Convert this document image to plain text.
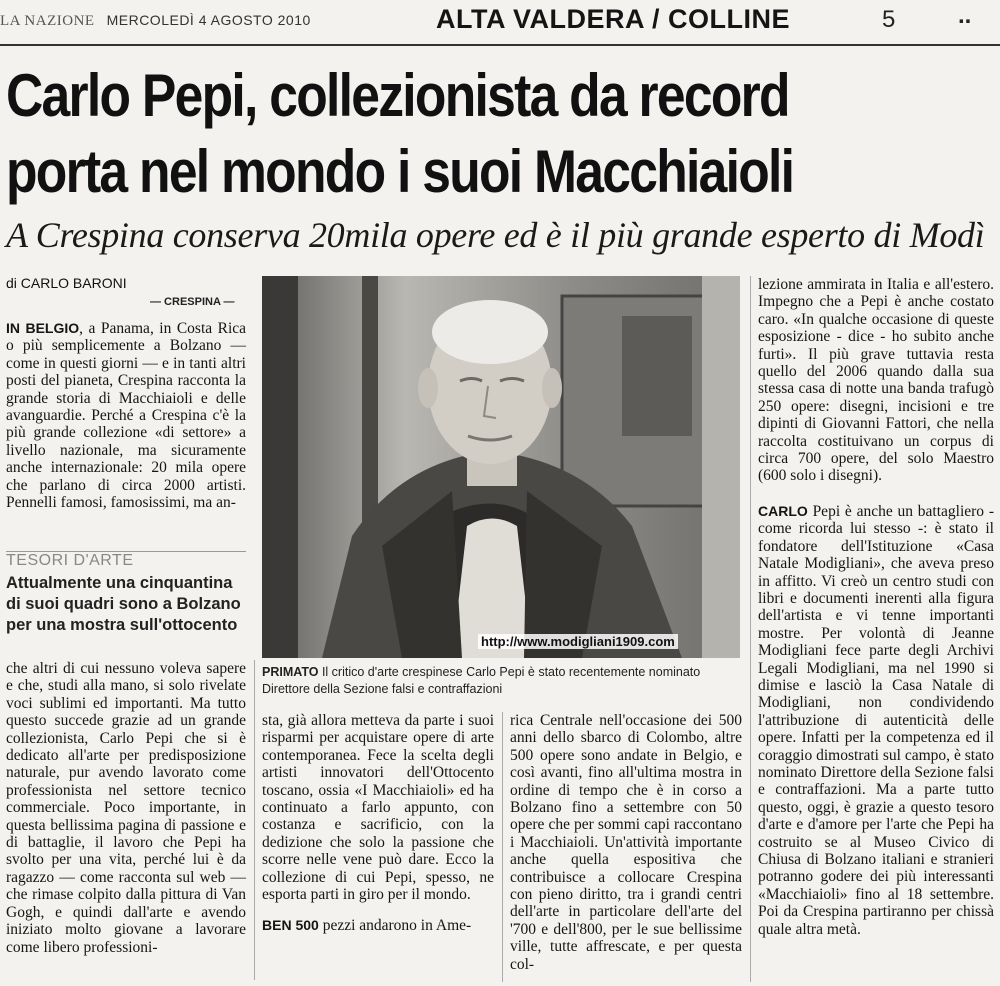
LA NAZIONE MERCOLEDÌ 4 AGOSTO 2010	ALTA VALDERA / COLLINE	5	..
Carlo Pepi, collezionista da record
porta nel mondo i suoi Macchiaioli
A Crespina conserva 20mila opere ed è il più grande esperto di Modì
di CARLO BARONI
— CRESPINA —

IN BELGIO, a Panama, in Costa Rica o più semplicemente a Bolzano — come in questi giorni — e in tanti altri posti del pianeta, Crespina racconta la grande storia di Macchiaioli e delle avanguardie. Perché a Crespina c'è la più grande collezione «di settore» a livello nazionale, ma sicuramente anche internazionale: 20 mila opere che parlano di circa 2000 artisti. Pennelli famosi, famosissimi, ma an-

TESORI D'ARTE
Attualmente una cinquantina di suoi quadri sono a Bolzano per una mostra sull'ottocento

che altri di cui nessuno voleva sapere e che, studi alla mano, si solo rivelate voci sublimi ed importanti. Ma tutto questo succede grazie ad un grande collezionista, Carlo Pepi che si è dedicato all'arte per predisposizione naturale, pur avendo lavorato come professionista nel settore tecnico commerciale. Poco importante, in questa bellissima pagina di passione e di battaglie, il lavoro che Pepi ha svolto per una vita, perché lui è da ragazzo — come racconta sul web — che rimase colpito dalla pittura di Van Gogh, e quindi dall'arte e avendo iniziato molto giovane a lavorare come libero professioni-

http://www.modigliani1909.com
PRIMATO Il critico d'arte crespinese Carlo Pepi è stato recentemente nominato Direttore della Sezione falsi e contraffazioni

sta, già allora metteva da parte i suoi risparmi per acquistare opere di arte contemporanea. Fece la scelta degli artisti innovatori dell'Ottocento toscano, ossia «I Macchiaioli» ed ha continuato a farlo appunto, con costanza e sacrificio, con la dedizione che solo la passione che scorre nelle vene può dare. Ecco la collezione di cui Pepi, spesso, ne esporta parti in giro per il mondo.

BEN 500 pezzi andarono in Ame-

rica Centrale nell'occasione dei 500 anni dello sbarco di Colombo, altre 500 opere sono andate in Belgio, e così avanti, fino all'ultima mostra in ordine di tempo che è in corso a Bolzano fino a settembre con 50 opere che per sommi capi raccontano i Macchiaioli. Un'attività importante anche quella espositiva che contribuisce a collocare Crespina con pieno diritto, tra i grandi centri dell'arte in particolare dell'arte del '700 e dell'800, per le sue bellissime ville, tutte affrescate, e per questa col-

lezione ammirata in Italia e all'estero. Impegno che a Pepi è anche costato caro. «In qualche occasione di queste esposizione - dice - ho subito anche furti». Il più grave tuttavia resta quello del 2006 quando dalla sua stessa casa di notte una banda trafugò 250 opere: disegni, incisioni e tre dipinti di Giovanni Fattori, che nella raccolta costituivano un corpus di circa 700 opere, del solo Maestro (600 solo i disegni).

CARLO Pepi è anche un battagliero - come ricorda lui stesso -: è stato il fondatore dell'Istituzione «Casa Natale Modigliani», che aveva preso in affitto. Vi creò un centro studi con libri e documenti inerenti alla figura dell'artista e vi tenne importanti mostre. Per volontà di Jeanne Modigliani fece parte degli Archivi Legali Modigliani, ma nel 1990 si dimise e lasciò la Casa Natale di Modigliani, non condividendo l'attribuzione di autenticità delle opere. Infatti per la competenza ed il coraggio dimostrati sul campo, è stato nominato Direttore della Sezione falsi e contraffazioni. Ma a parte tutto questo, oggi, è grazie a questo tesoro d'arte e d'amore per l'arte che Pepi ha costruito se al Museo Civico di Chiusa di Bolzano italiani e stranieri potranno godere dei più interessanti «Macchiaioli» fino al 18 settembre. Poi da Crespina partiranno per chissà quale altra metà.
